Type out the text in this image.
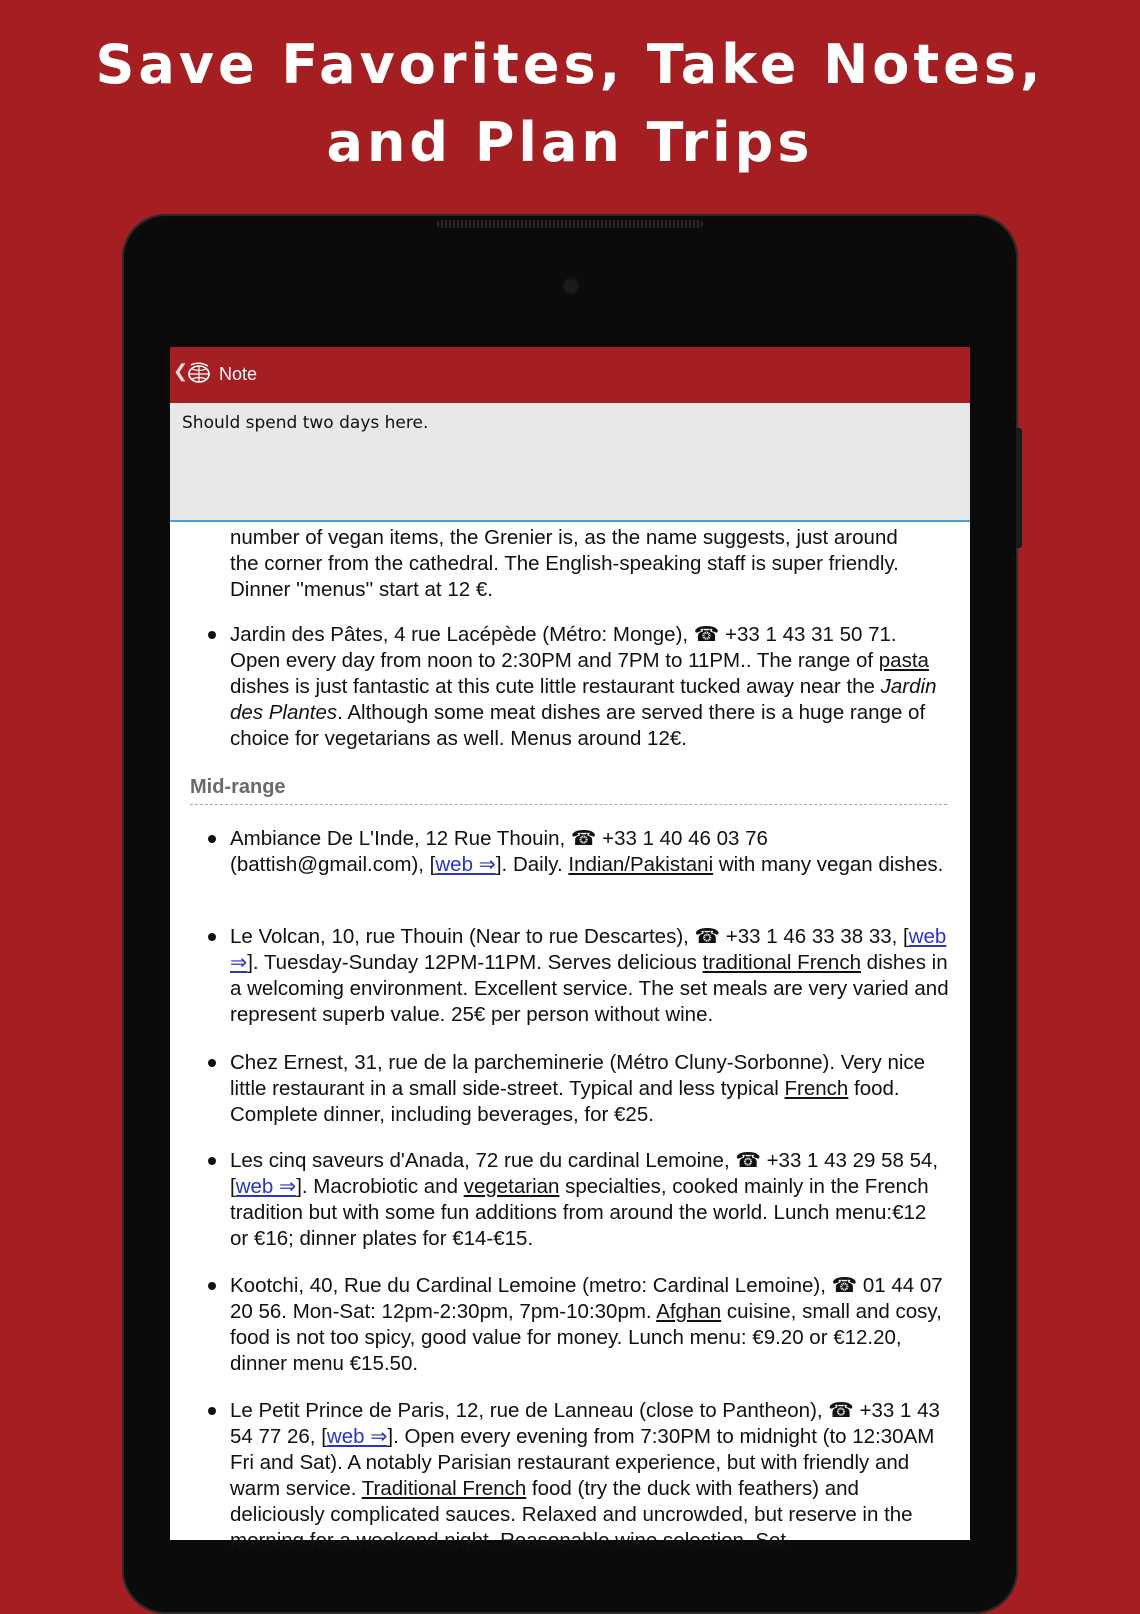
Save Favorites, Take Notes,
and Plan Trips
❮ Note
Should spend two days here.
number of vegan items, the Grenier is, as the name suggests, just around
the corner from the cathedral. The English-speaking staff is super friendly.
Dinner ''menus'' start at 12 €.
Jardin des Pâtes, 4 rue Lacépède (Métro: Monge), ☎ +33 1 43 31 50 71. Open every day from noon to 2:30PM and 7PM to 11PM.. The range of pasta dishes is just fantastic at this cute little restaurant tucked away near the Jardin des Plantes. Although some meat dishes are served there is a huge range of choice for vegetarians as well. Menus around 12€.
Mid-range
Ambiance De L'Inde, 12 Rue Thouin, ☎ +33 1 40 46 03 76 (battish@gmail.com), [web ⇒]. Daily. Indian/Pakistani with many vegan dishes.
Le Volcan, 10, rue Thouin (Near to rue Descartes), ☎ +33 1 46 33 38 33, [web ⇒]. Tuesday-Sunday 12PM-11PM. Serves delicious traditional French dishes in a welcoming environment. Excellent service. The set meals are very varied and represent superb value. 25€ per person without wine.
Chez Ernest, 31, rue de la parcheminerie (Métro Cluny-Sorbonne). Very nice little restaurant in a small side-street. Typical and less typical French food. Complete dinner, including beverages, for €25.
Les cinq saveurs d'Anada, 72 rue du cardinal Lemoine, ☎ +33 1 43 29 58 54, [web ⇒]. Macrobiotic and vegetarian specialties, cooked mainly in the French tradition but with some fun additions from around the world. Lunch menu:€12 or €16; dinner plates for €14-€15.
Kootchi, 40, Rue du Cardinal Lemoine (metro: Cardinal Lemoine), ☎ 01 44 07 20 56. Mon-Sat: 12pm-2:30pm, 7pm-10:30pm. Afghan cuisine, small and cosy, food is not too spicy, good value for money. Lunch menu: €9.20 or €12.20, dinner menu €15.50.
Le Petit Prince de Paris, 12, rue de Lanneau (close to Pantheon), ☎ +33 1 43 54 77 26, [web ⇒]. Open every evening from 7:30PM to midnight (to 12:30AM Fri and Sat). A notably Parisian restaurant experience, but with friendly and warm service. Traditional French food (try the duck with feathers) and deliciously complicated sauces. Relaxed and uncrowded, but reserve in the morning for a weekend night. Reasonable wine selection. Set
